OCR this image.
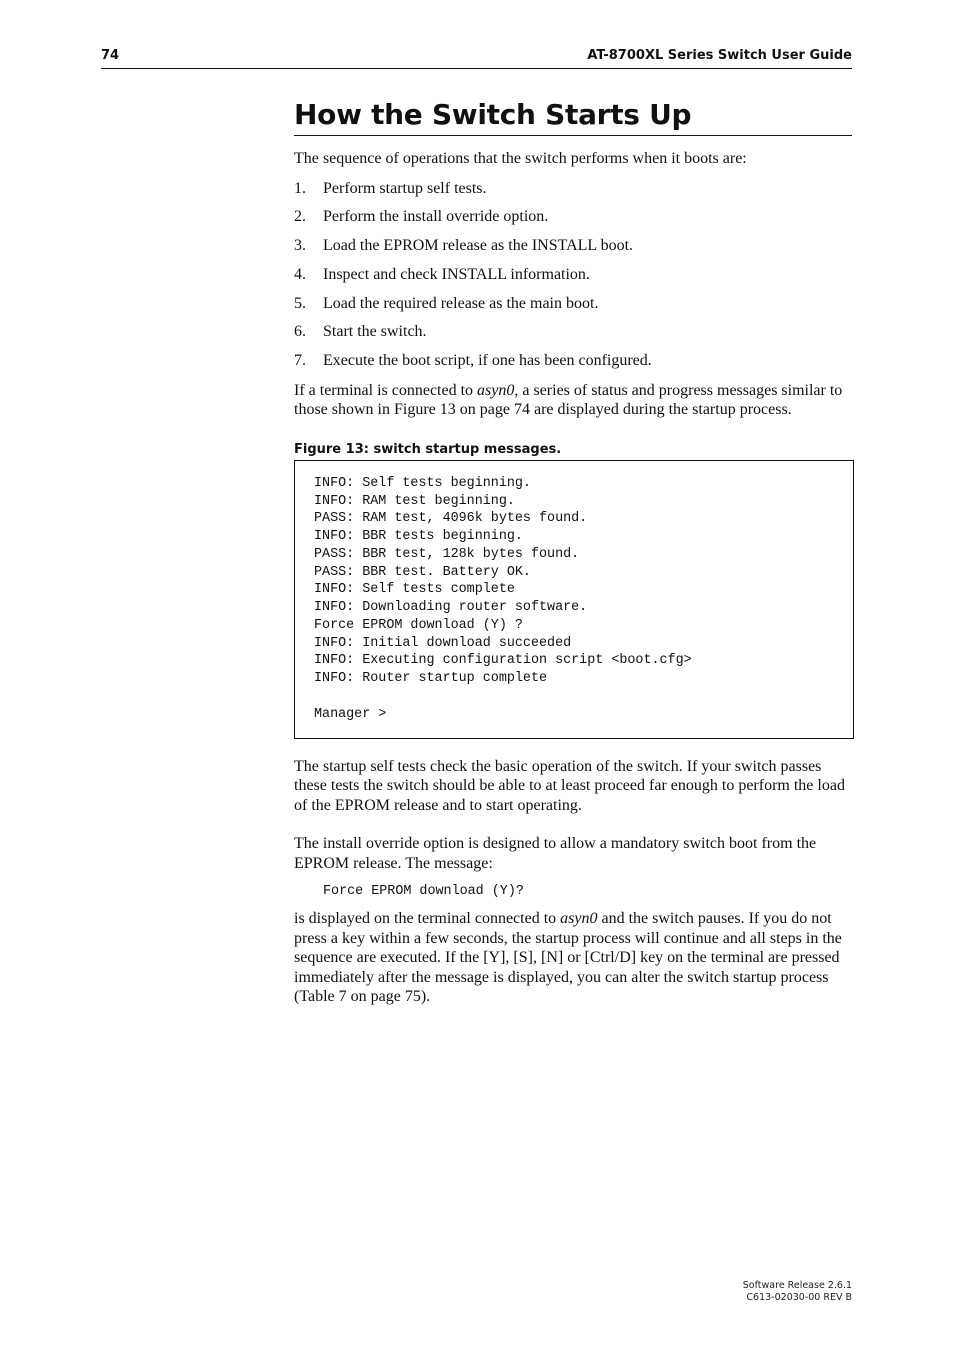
74	AT-8700XL Series Switch User Guide
How the Switch Starts Up

The sequence of operations that the switch performs when it boots are:

1. Perform startup self tests.
2. Perform the install override option.
3. Load the EPROM release as the INSTALL boot.
4. Inspect and check INSTALL information.
5. Load the required release as the main boot.
6. Start the switch.
7. Execute the boot script, if one has been configured.

If a terminal is connected to asyn0, a series of status and progress messages similar to those shown in Figure 13 on page 74 are displayed during the startup process.

Figure 13: switch startup messages.
INFO: Self tests beginning.
INFO: RAM test beginning.
PASS: RAM test, 4096k bytes found.
INFO: BBR tests beginning.
PASS: BBR test, 128k bytes found.
PASS: BBR test. Battery OK.
INFO: Self tests complete
INFO: Downloading router software.
Force EPROM download (Y) ?
INFO: Initial download succeeded
INFO: Executing configuration script <boot.cfg>
INFO: Router startup complete

Manager >

The startup self tests check the basic operation of the switch. If your switch passes these tests the switch should be able to at least proceed far enough to perform the load of the EPROM release and to start operating.

The install override option is designed to allow a mandatory switch boot from the EPROM release. The message:

Force EPROM download (Y)?

is displayed on the terminal connected to asyn0 and the switch pauses. If you do not press a key within a few seconds, the startup process will continue and all steps in the sequence are executed. If the [Y], [S], [N] or [Ctrl/D] key on the terminal are pressed immediately after the message is displayed, you can alter the switch startup process (Table 7 on page 75).

Software Release 2.6.1
C613-02030-00 REV B
